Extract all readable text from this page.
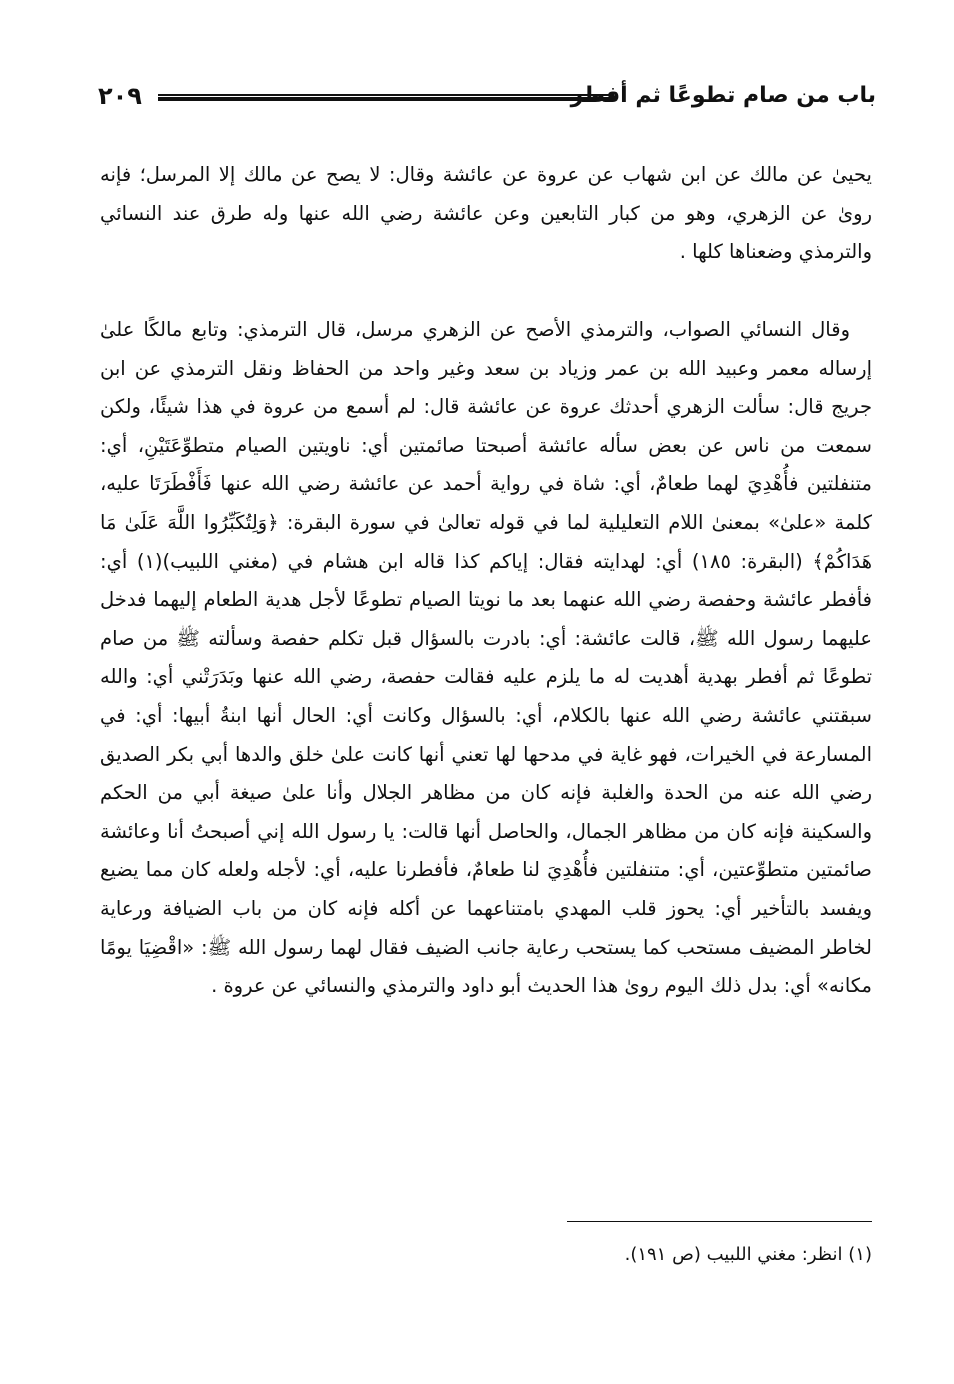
٢٠٩	باب من صام تطوعًا ثم أفطر
يحيىٰ عن مالك عن ابن شهاب عن عروة عن عائشة وقال: لا يصح عن مالك إلا المرسل؛ فإنه روىٰ عن الزهري، وهو من كبار التابعين وعن عائشة رضي الله عنها وله طرق عند النسائي والترمذي وضعناها كلها .
وقال النسائي الصواب، والترمذي الأصح عن الزهري مرسل، قال الترمذي: وتابع مالكًا علىٰ إرساله معمر وعبيد الله بن عمر وزياد بن سعد وغير واحد من الحفاظ ونقل الترمذي عن ابن جريج قال: سألت الزهري أحدثك عروة عن عائشة قال: لم أسمع من عروة في هذا شيئًا، ولكن سمعت من ناس عن بعض سأله عائشة أصبحتا صائمتين أي: ناويتين الصيام متطوِّعَتَيْنِ، أي: متنفلتين فأُهْدِيَ لهما طعامٌ، أي: شاة في رواية أحمد عن عائشة رضي الله عنها فَأَفْطَرَتَا عليه، كلمة «علىٰ» بمعنىٰ اللام التعليلية لما في قوله تعالىٰ في سورة البقرة: ﴿وَلِتُكَبِّرُوا اللَّهَ عَلَىٰ مَا هَدَاكُمْ﴾ (البقرة: ١٨٥) أي: لهدايته فقال: إياكم كذا قاله ابن هشام في (مغني اللبيب)(١) أي: فأفطر عائشة وحفصة رضي الله عنهما بعد ما نويتا الصيام تطوعًا لأجل هدية الطعام إليهما فدخل عليهما رسول الله ﷺ، قالت عائشة: أي: بادرت بالسؤال قبل تكلم حفصة وسألته ﷺ من صام تطوعًا ثم أفطر بهدية أهديت له ما يلزم عليه فقالت حفصة، رضي الله عنها وبَدَرَتْني أي: والله سبقتني عائشة رضي الله عنها بالكلام، أي: بالسؤال وكانت أي: الحال أنها ابنةُ أبيها: أي: في المسارعة في الخيرات، فهو غاية في مدحها لها تعني أنها كانت علىٰ خلق والدها أبي بكر الصديق رضي الله عنه من الحدة والغلبة فإنه كان من مظاهر الجلال وأنا علىٰ صيغة أبي من الحكم والسكينة فإنه كان من مظاهر الجمال، والحاصل أنها قالت: يا رسول الله إني أصبحتُ أنا وعائشة صائمتين متطوِّعتين، أي: متنفلتين فأُهْدِيَ لنا طعامٌ، فأفطرنا عليه، أي: لأجله ولعله كان مما يضيع ويفسد بالتأخير أي: يحوز قلب المهدي بامتناعهما عن أكله فإنه كان من باب الضيافة ورعاية لخاطر المضيف مستحب كما يستحب رعاية جانب الضيف فقال لهما رسول الله ﷺ: «اقْضِيَا يومًا مكانه» أي: بدل ذلك اليوم روىٰ هذا الحديث أبو داود والترمذي والنسائي عن عروة .
(١) انظر: مغني اللبيب (ص ١٩١).
